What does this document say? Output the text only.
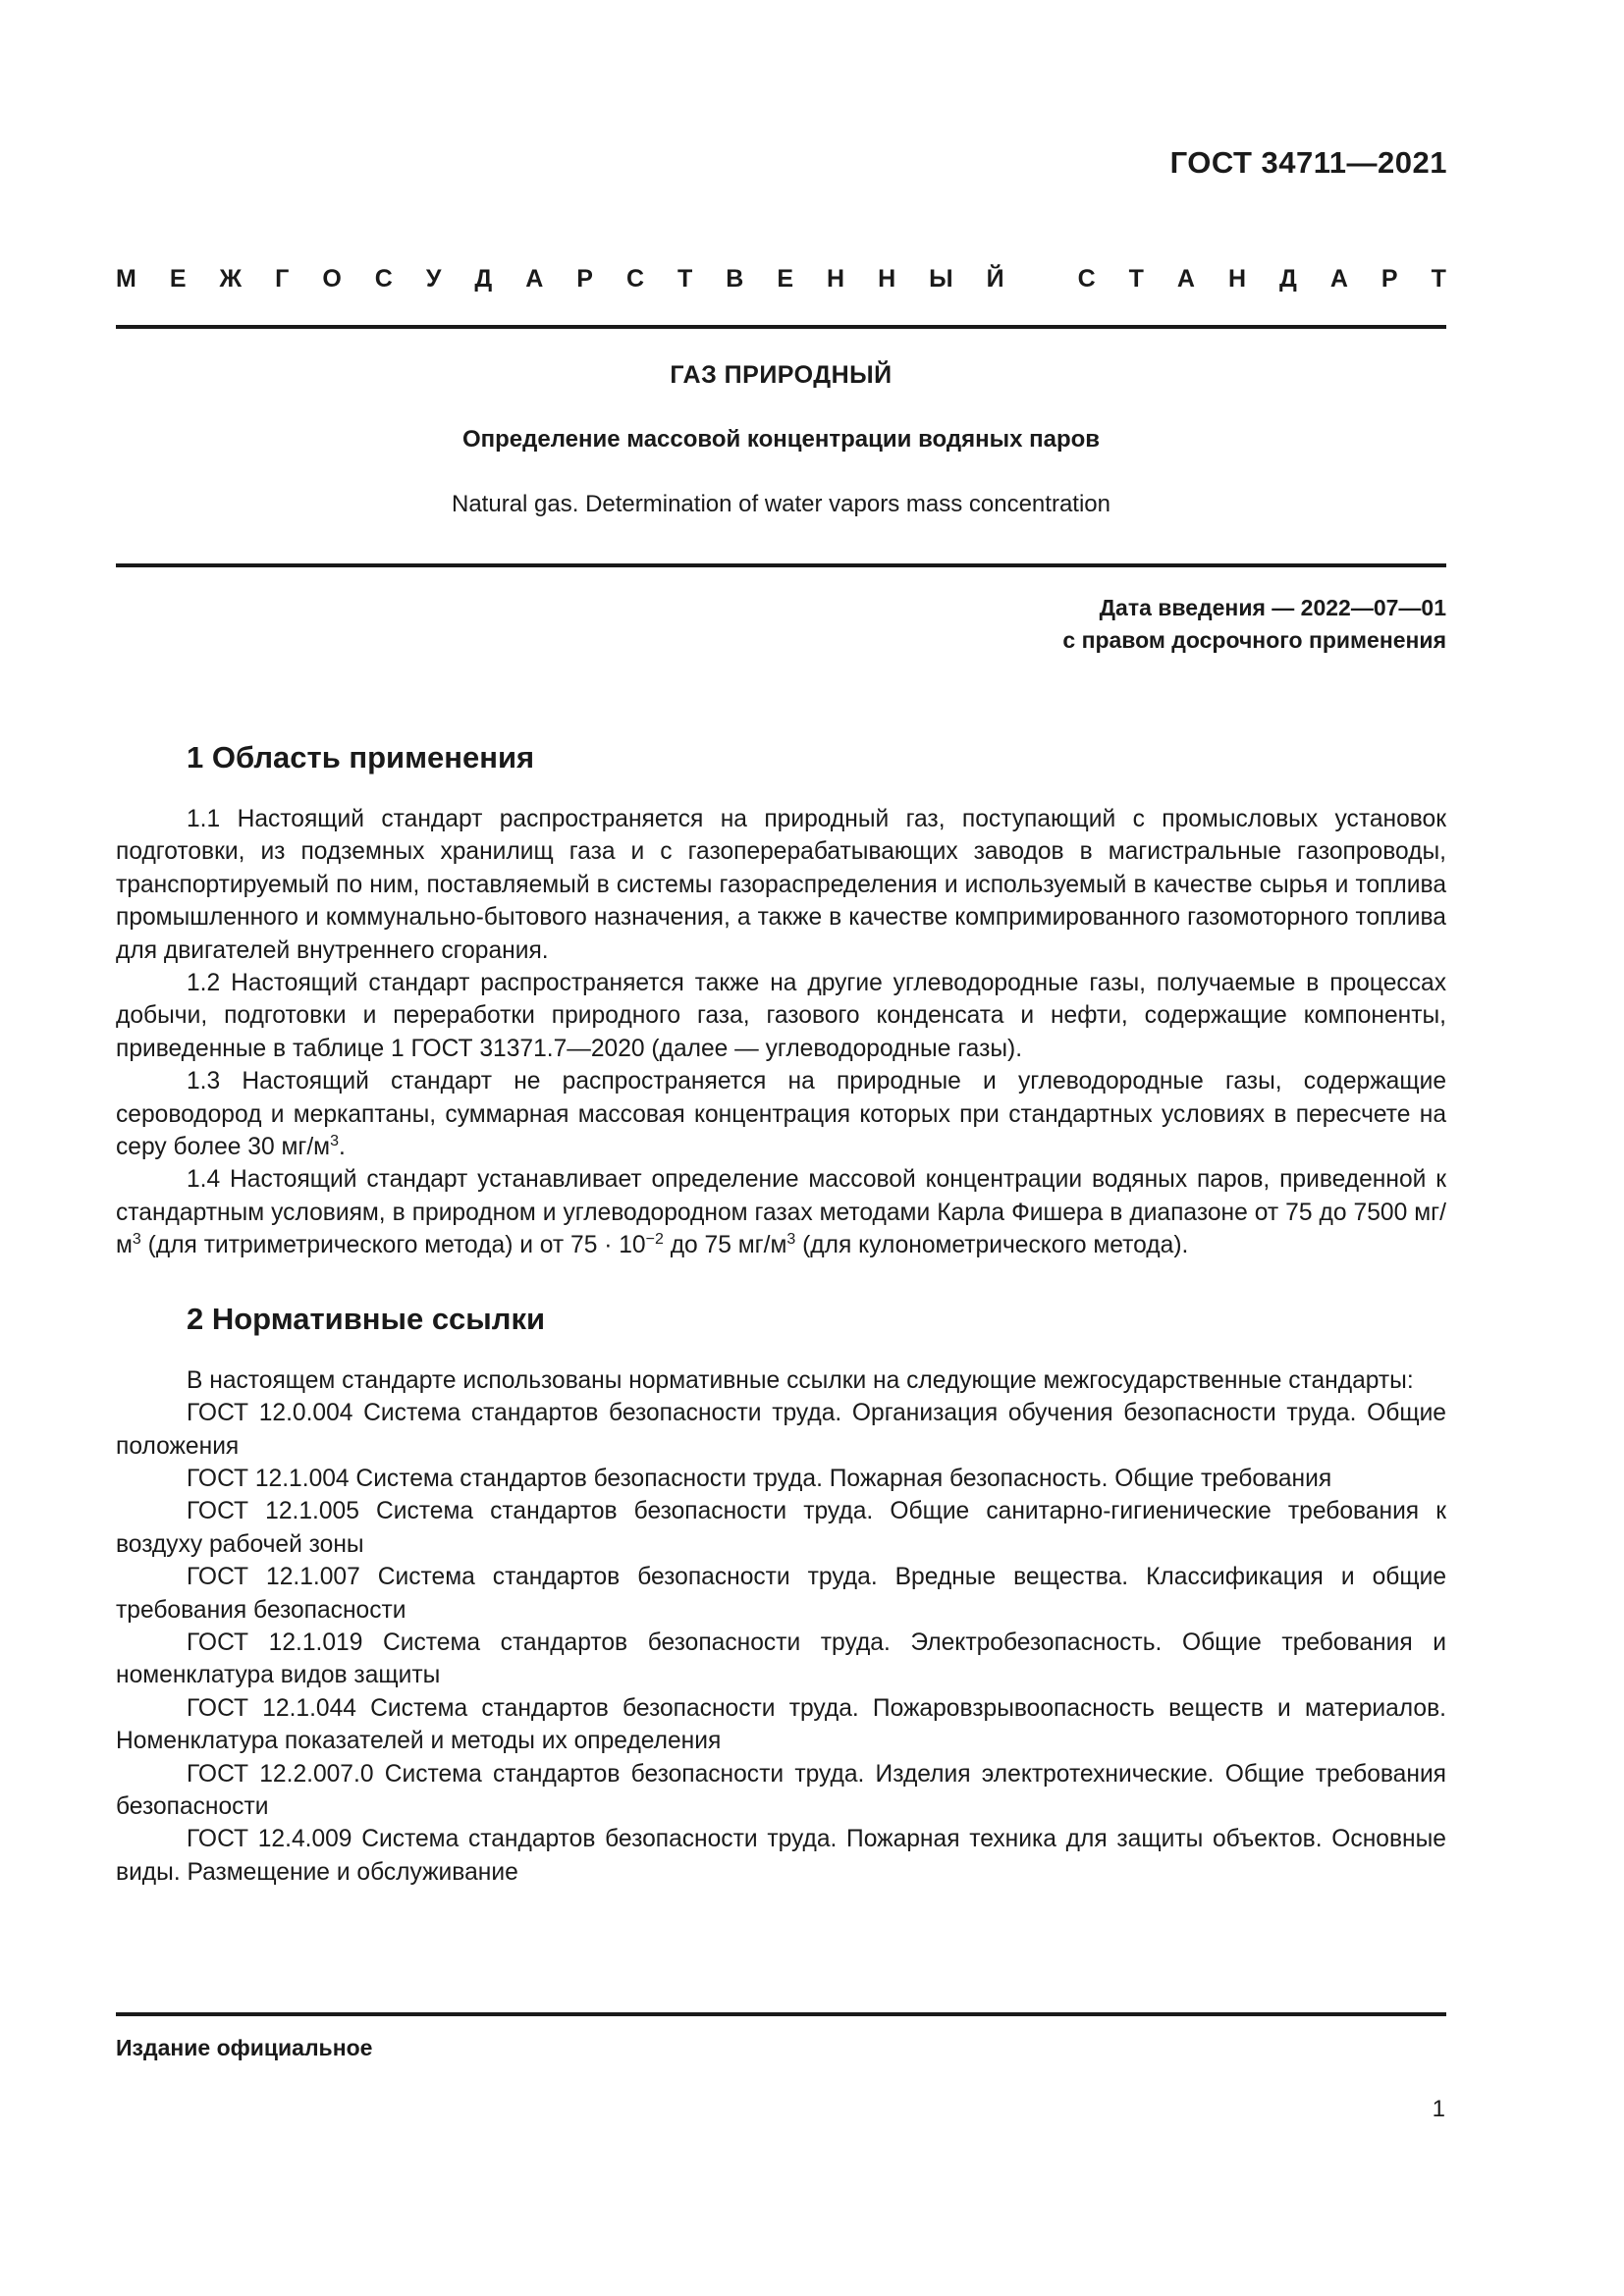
ГОСТ 34711—2021
М Е Ж Г О С У Д А Р С Т В Е Н Н Ы Й
	С Т А Н Д А Р Т
ГАЗ ПРИРОДНЫЙ
Определение массовой концентрации водяных паров
Natural gas. Determination of water vapors mass concentration
Дата введения — 2022—07—01
с правом досрочного применения
1 Область применения

1.1 Настоящий стандарт распространяется на природный газ, поступающий с промысловых установок подготовки, из подземных хранилищ газа и с газоперерабатывающих заводов в магистральные газопроводы, транспортируемый по ним, поставляемый в системы газораспределения и используемый в качестве сырья и топлива промышленного и коммунально-бытового назначения, а также в качестве компримированного газомоторного топлива для двигателей внутреннего сгорания.

1.2 Настоящий стандарт распространяется также на другие углеводородные газы, получаемые в процессах добычи, подготовки и переработки природного газа, газового конденсата и нефти, содержащие компоненты, приведенные в таблице 1 ГОСТ 31371.7—2020 (далее — углеводородные газы).

1.3 Настоящий стандарт не распространяется на природные и углеводородные газы, содержащие сероводород и меркаптаны, суммарная массовая концентрация которых при стандартных условиях в пересчете на серу более 30 $мг/м^3$.

1.4 Настоящий стандарт устанавливает определение массовой концентрации водяных паров, приведенной к стандартным условиям, в природном и углеводородном газах методами Карла Фишера в диапазоне от 75 до 7500 $мг/м^3$ (для титриметрического метода) и от $75 \cdot 10^{-2}$ до 75 $мг/м^3$ (для кулонометрического метода).

2 Нормативные ссылки

В настоящем стандарте использованы нормативные ссылки на следующие межгосударственные стандарты:

ГОСТ 12.0.004 Система стандартов безопасности труда. Организация обучения безопасности труда. Общие положения

ГОСТ 12.1.004 Система стандартов безопасности труда. Пожарная безопасность. Общие требования

ГОСТ 12.1.005 Система стандартов безопасности труда. Общие санитарно-гигиенические требования к воздуху рабочей зоны

ГОСТ 12.1.007 Система стандартов безопасности труда. Вредные вещества. Классификация и общие требования безопасности

ГОСТ 12.1.019 Система стандартов безопасности труда. Электробезопасность. Общие требования и номенклатура видов защиты

ГОСТ 12.1.044 Система стандартов безопасности труда. Пожаровзрывоопасность веществ и материалов. Номенклатура показателей и методы их определения

ГОСТ 12.2.007.0 Система стандартов безопасности труда. Изделия электротехнические. Общие требования безопасности

ГОСТ 12.4.009 Система стандартов безопасности труда. Пожарная техника для защиты объектов. Основные виды. Размещение и обслуживание

Издание официальное
1
